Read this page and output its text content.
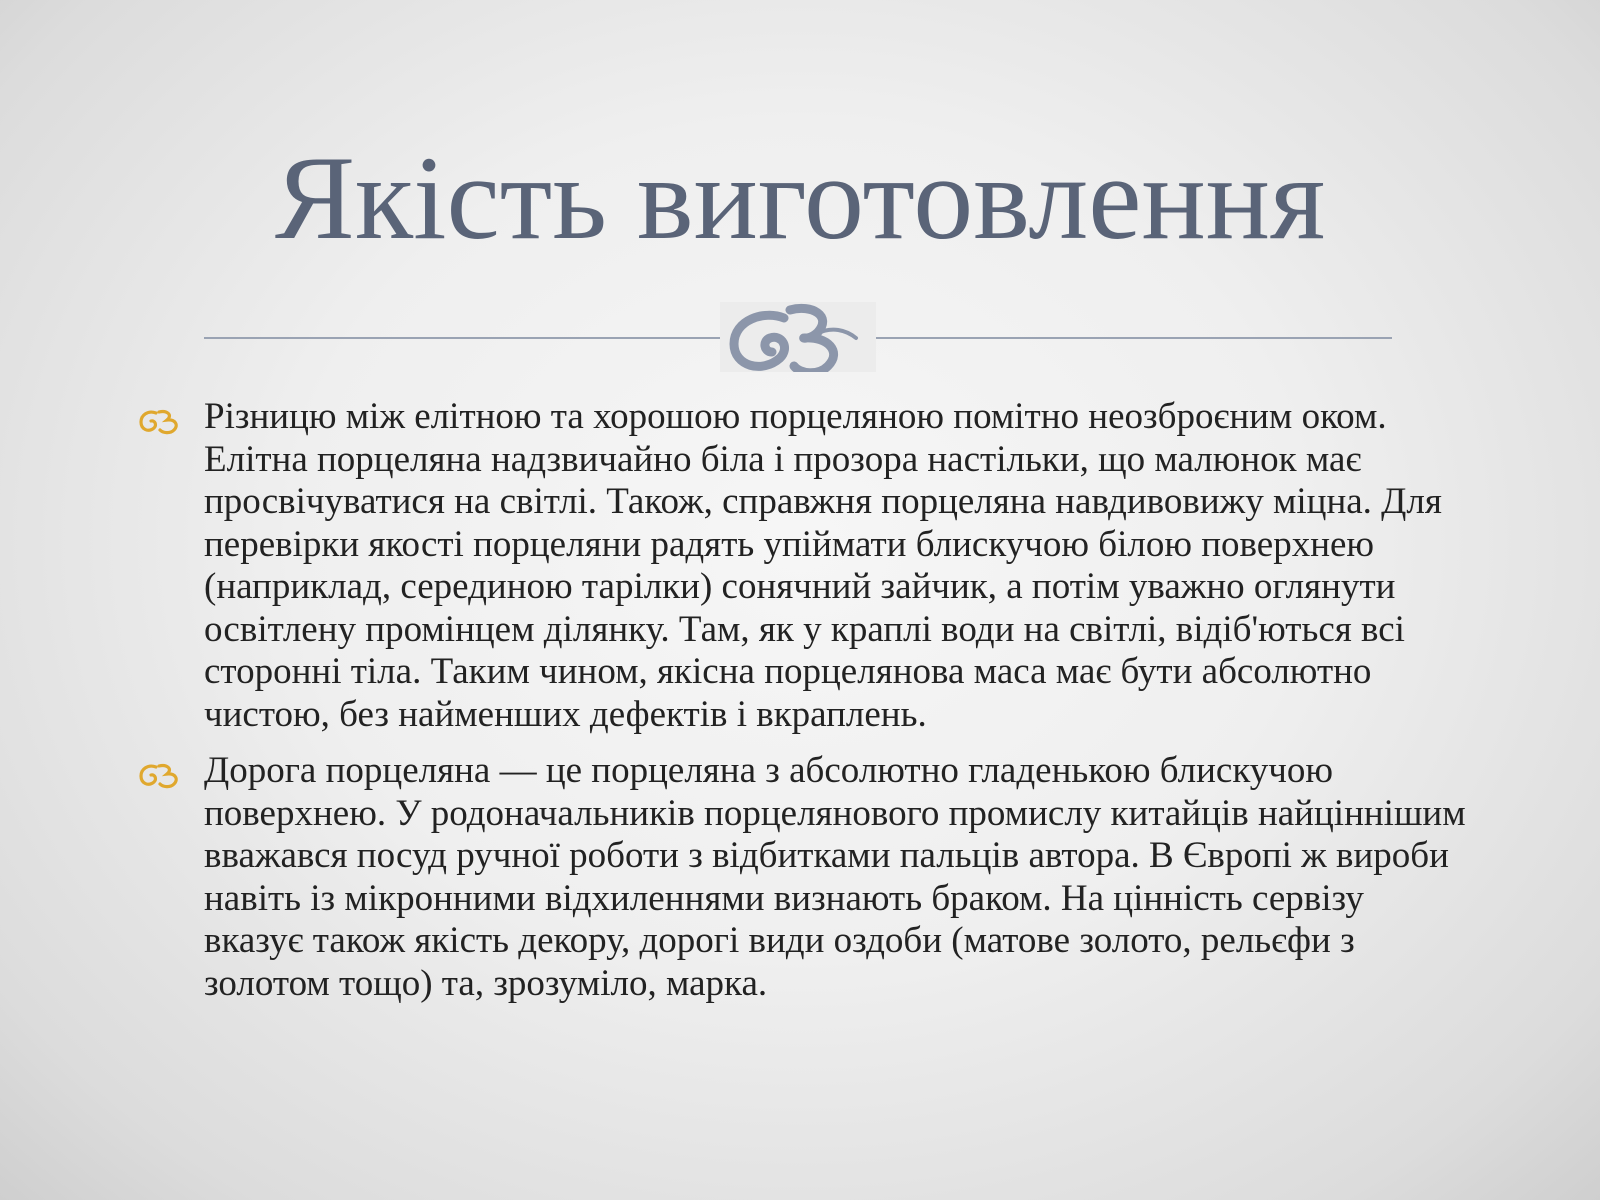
Якість виготовлення

Різницю між елітною та хорошою порцеляною помітно неозброєним оком. Елітна порцеляна надзвичайно біла і прозора настільки, що малюнок має просвічуватися на світлі. Також, справжня порцеляна навдивовижу міцна. Для перевірки якості порцеляни радять упіймати блискучою білою поверхнею (наприклад, серединою тарілки) сонячний зайчик, а потім уважно оглянути освітлену промінцем ділянку. Там, як у краплі води на світлі, відіб'ються всі сторонні тіла. Таким чином, якісна порцелянова маса має бути абсолютно чистою, без найменших дефектів і вкраплень.

Дорога порцеляна — це порцеляна з абсолютно гладенькою блискучою поверхнею. У родоначальників порцелянового промислу китайців найціннішим вважався посуд ручної роботи з відбитками пальців автора. В Європі ж вироби навіть із мікронними відхиленнями визнають браком. На цінність сервізу вказує також якість декору, дорогі види оздоби (матове золото, рельєфи з золотом тощо) та, зрозуміло, марка.
